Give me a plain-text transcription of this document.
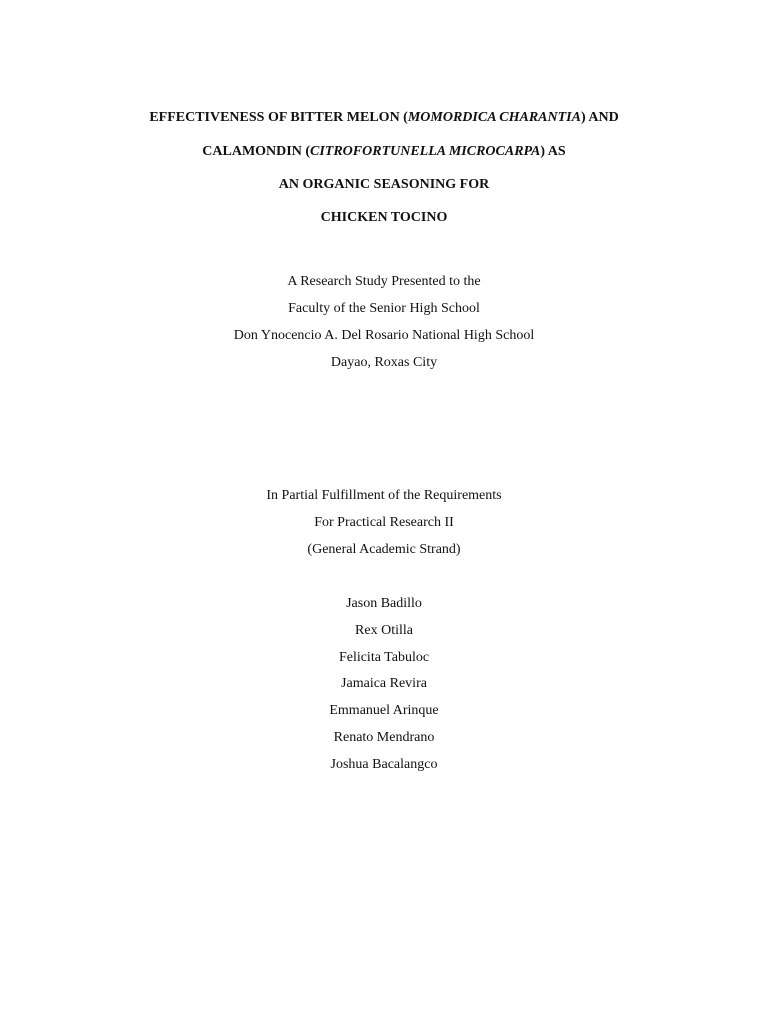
EFFECTIVENESS OF BITTER MELON (MOMORDICA CHARANTIA) AND
CALAMONDIN (CITROFORTUNELLA MICROCARPA) AS
AN ORGANIC SEASONING FOR
CHICKEN TOCINO
A Research Study Presented to the
Faculty of the Senior High School
Don Ynocencio A. Del Rosario National High School
Dayao, Roxas City
In Partial Fulfillment of the Requirements
For Practical Research II
(General Academic Strand)
Jason Badillo
Rex Otilla
Felicita Tabuloc
Jamaica Revira
Emmanuel Arinque
Renato Mendrano
Joshua Bacalangco
